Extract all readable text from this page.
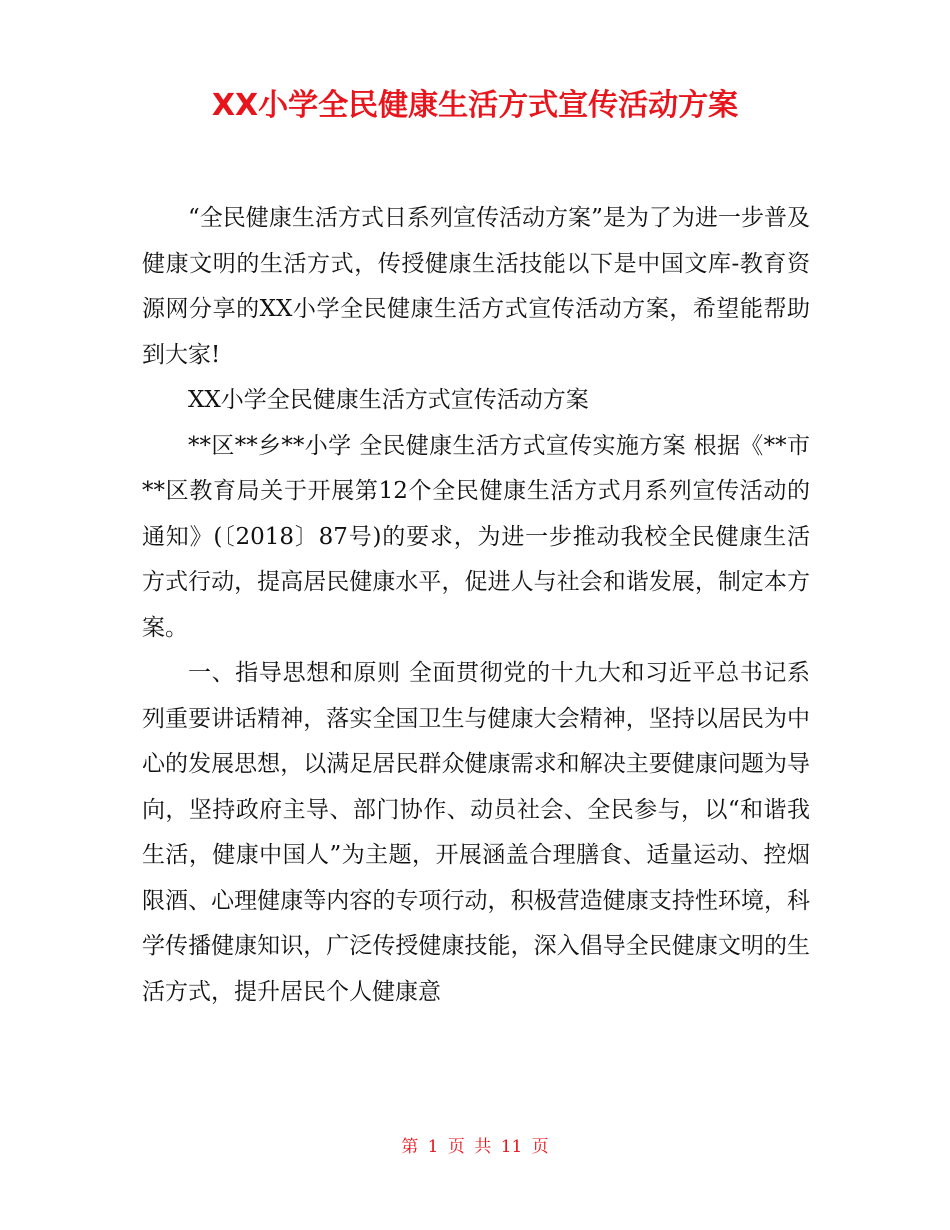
XX小学全民健康生活方式宣传活动方案

“全民健康生活方式日系列宣传活动方案”是为了为进一步普及健康文明的生活方式，传授健康生活技能以下是中国文库-教育资源网分享的XX小学全民健康生活方式宣传活动方案，希望能帮助到大家!

XX小学全民健康生活方式宣传活动方案

**区**乡**小学 全民健康生活方式宣传实施方案 根据《**市**区教育局关于开展第12个全民健康生活方式月系列宣传活动的通知》(〔2018〕87号)的要求，为进一步推动我校全民健康生活方式行动，提高居民健康水平，促进人与社会和谐发展，制定本方案。

一、指导思想和原则 全面贯彻党的十九大和习近平总书记系列重要讲话精神，落实全国卫生与健康大会精神，坚持以居民为中心的发展思想，以满足居民群众健康需求和解决主要健康问题为导向，坚持政府主导、部门协作、动员社会、全民参与，以“和谐我生活，健康中国人”为主题，开展涵盖合理膳食、适量运动、控烟限酒、心理健康等内容的专项行动，积极营造健康支持性环境，科学传播健康知识，广泛传授健康技能，深入倡导全民健康文明的生活方式，提升居民个人健康意

第 1 页 共 11 页
